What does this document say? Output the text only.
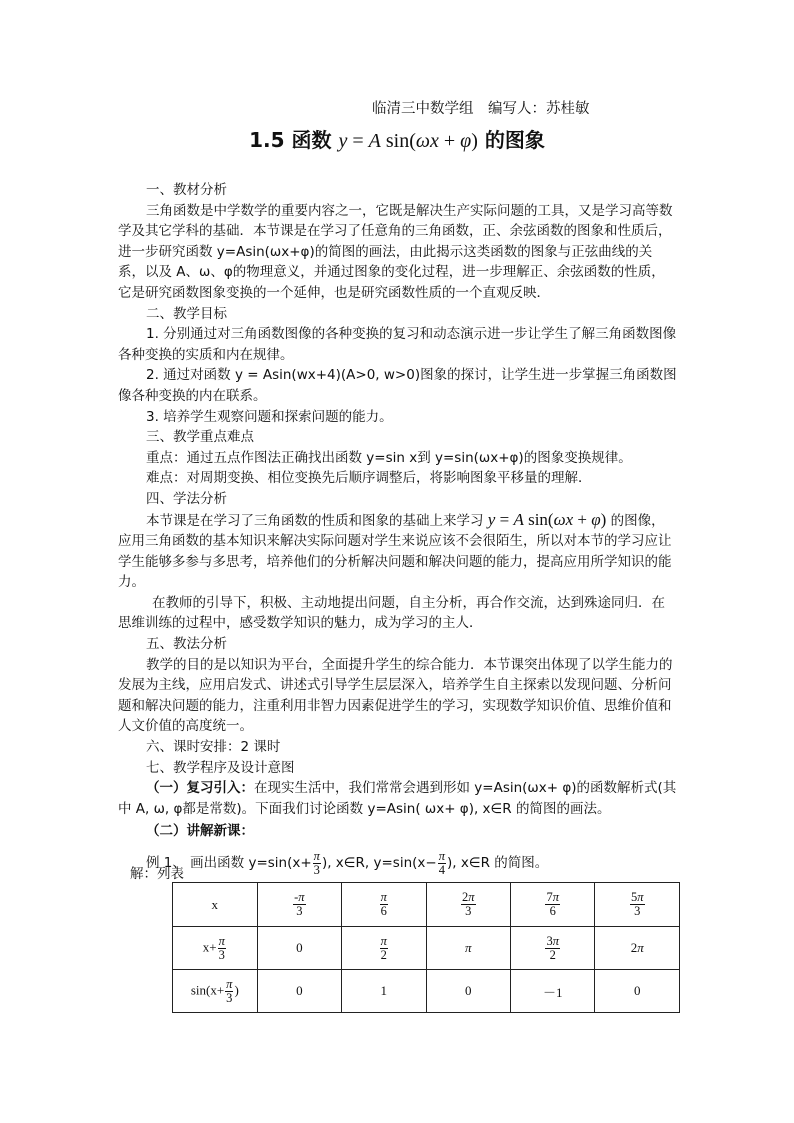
临清三中数学组　编写人：苏桂敏
1.5 函数 y = A sin(ωx + φ) 的图象

一、教材分析

三角函数是中学数学的重要内容之一，它既是解决生产实际问题的工具，又是学习高等数学及其它学科的基础．本节课是在学习了任意角的三角函数，正、余弦函数的图象和性质后，进一步研究函数 y=Asin(ωx+φ)的简图的画法，由此揭示这类函数的图象与正弦曲线的关系，以及 A、ω、φ的物理意义，并通过图象的变化过程，进一步理解正、余弦函数的性质，它是研究函数图象变换的一个延伸，也是研究函数性质的一个直观反映．

二、教学目标

1. 分别通过对三角函数图像的各种变换的复习和动态演示进一步让学生了解三角函数图像各种变换的实质和内在规律。

2. 通过对函数 y = Asin(wx+4)(A>0, w>0)图象的探讨，让学生进一步掌握三角函数图像各种变换的内在联系。

3. 培养学生观察问题和探索问题的能力。

三、教学重点难点

重点：通过五点作图法正确找出函数 y=sin x到 y=sin(ωx+φ)的图象变换规律。

难点：对周期变换、相位变换先后顺序调整后，将影响图象平移量的理解．

四、学法分析

本节课是在学习了三角函数的性质和图象的基础上来学习 y = A sin(ωx + φ) 的图像，应用三角函数的基本知识来解决实际问题对学生来说应该不会很陌生，所以对本节的学习应让学生能够多参与多思考，培养他们的分析解决问题和解决问题的能力，提高应用所学知识的能力。

在教师的引导下，积极、主动地提出问题，自主分析，再合作交流，达到殊途同归．在思维训练的过程中，感受数学知识的魅力，成为学习的主人．

五、教法分析

教学的目的是以知识为平台，全面提升学生的综合能力．本节课突出体现了以学生能力的发展为主线，应用启发式、讲述式引导学生层层深入，培养学生自主探索以发现问题、分析问题和解决问题的能力，注重利用非智力因素促进学生的学习，实现数学知识价值、思维价值和人文价值的高度统一。

六、课时安排：2 课时

七、教学程序及设计意图

（一）复习引入：在现实生活中，我们常常会遇到形如 y=Asin(ωx+ φ)的函数解析式(其中 A, ω, φ都是常数)。下面我们讨论函数 y=Asin( ωx+ φ), x∈R 的简图的画法。

（二）讲解新课：

例 1、 画出函数 $y=\sin(x+ \frac{\pi}{3}$ ), x∈R, $y=\sin(x- \frac{\pi}{4}$ ), x∈R 的简图。

解：列表
x	$\frac{-\pi}{3}$	$\frac{\pi}{6}$	$\frac{2\pi}{3}$	$\frac{7\pi}{6}$	$\frac{5\pi}{3}$

$x+ \frac{\pi}{3}$	0	$\frac{\pi}{2}$	π	$\frac{3\pi}{2}$	2π
$\sin(x+ \frac{\pi}{3}$ )	0	1	0	－1	0
